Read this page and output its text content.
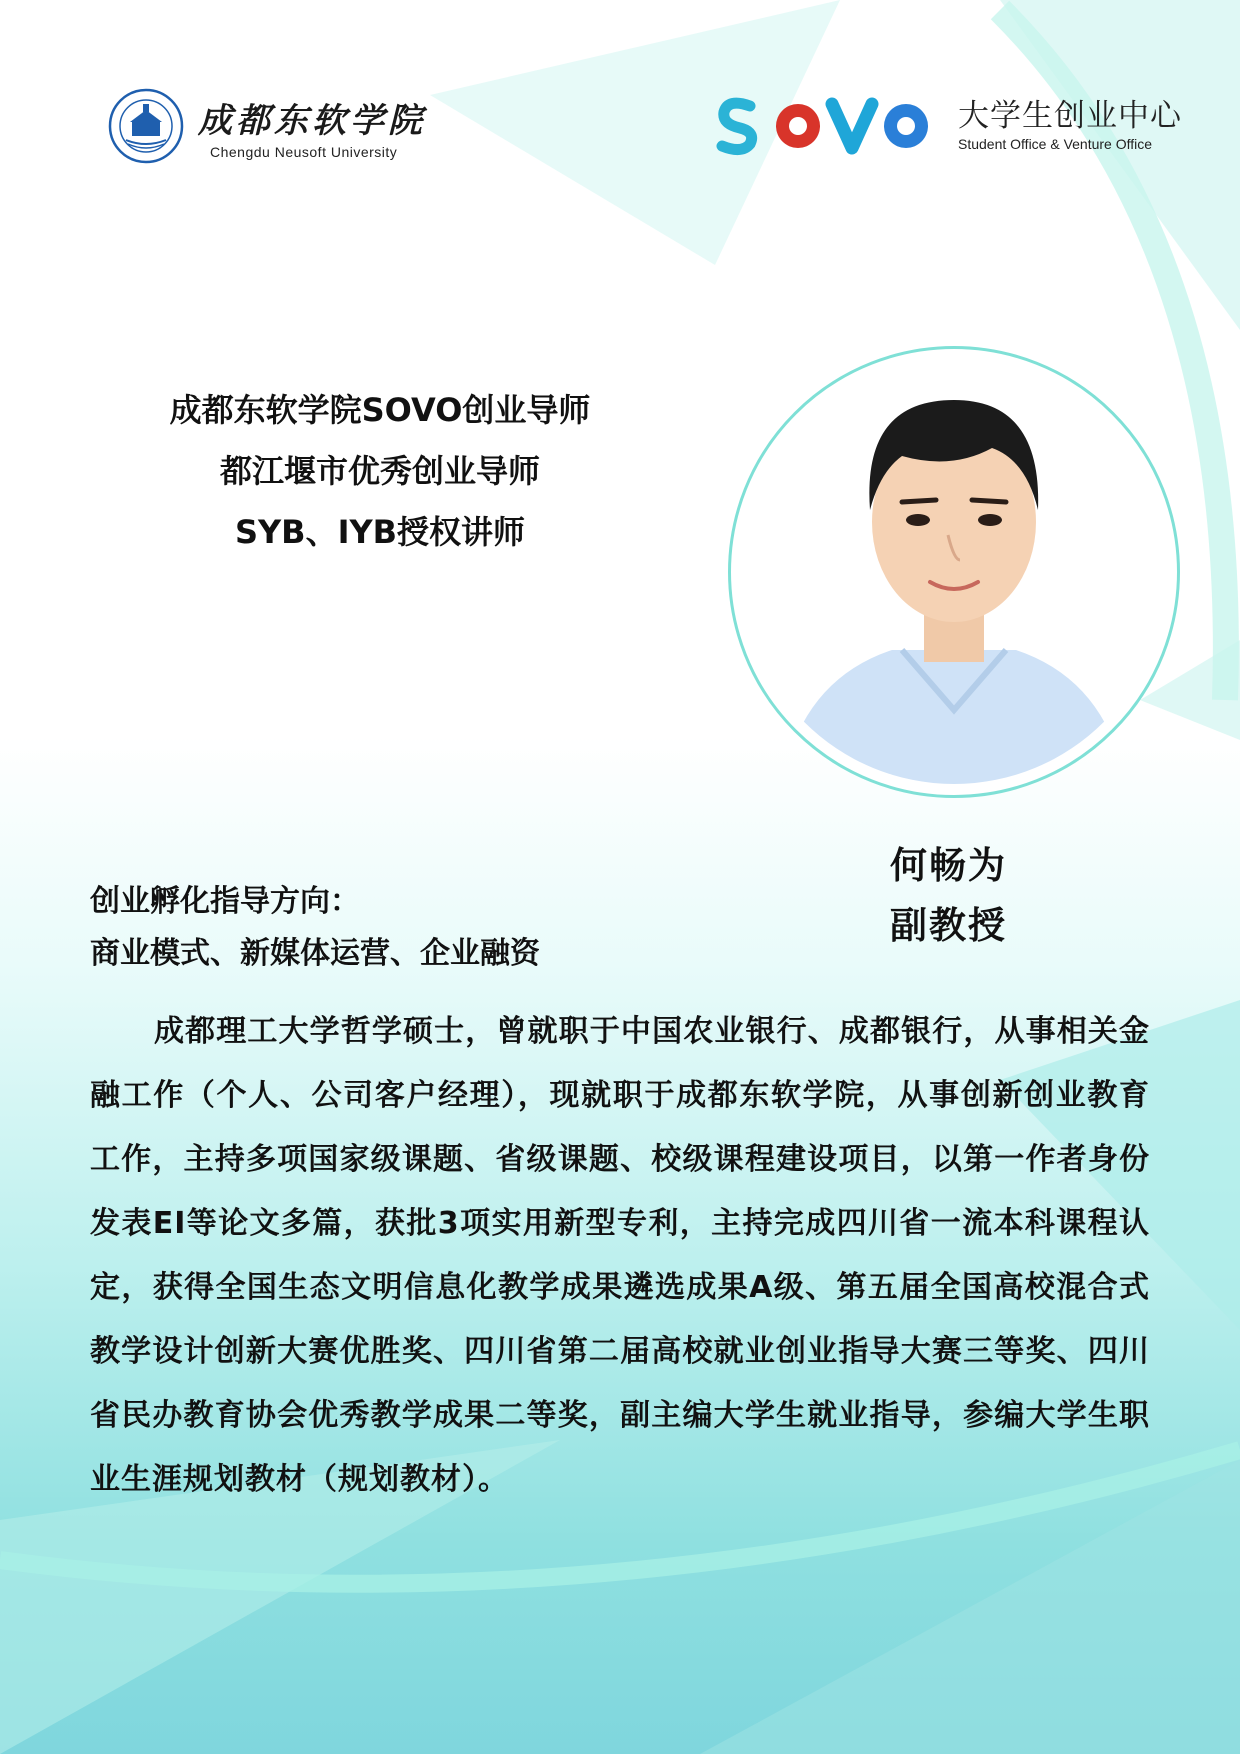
成都东软学院
Chengdu Neusoft University
大学生创业中心
Student Office & Venture Office
成都东软学院SOVO创业导师
都江堰市优秀创业导师
SYB、IYB授权讲师
何畅为
副教授
创业孵化指导方向：
商业模式、新媒体运营、企业融资

成都理工大学哲学硕士，曾就职于中国农业银行、成都银行，从事相关金融工作（个人、公司客户经理），现就职于成都东软学院，从事创新创业教育工作，主持多项国家级课题、省级课题、校级课程建设项目，以第一作者身份发表EI等论文多篇，获批3项实用新型专利，主持完成四川省一流本科课程认定，获得全国生态文明信息化教学成果遴选成果A级、第五届全国高校混合式教学设计创新大赛优胜奖、四川省第二届高校就业创业指导大赛三等奖、四川省民办教育协会优秀教学成果二等奖，副主编大学生就业指导，参编大学生职业生涯规划教材（规划教材）。
